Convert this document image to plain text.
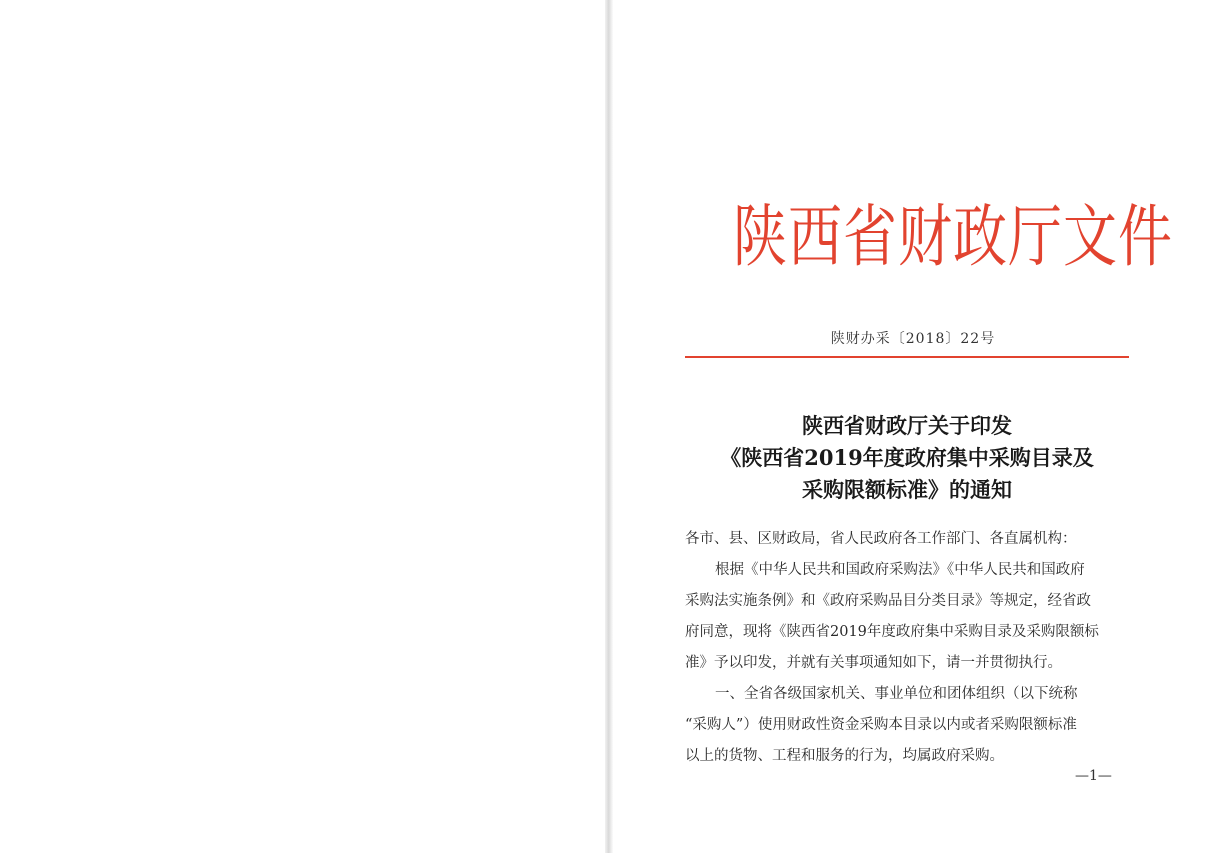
陕西省财政厅文件
陕财办采〔2018〕22号
陕西省财政厅关于印发
《陕西省2019年度政府集中采购目录及
采购限额标准》的通知
各市、县、区财政局，省人民政府各工作部门、各直属机构：
根据《中华人民共和国政府采购法》《中华人民共和国政府
采购法实施条例》和《政府采购品目分类目录》等规定，经省政
府同意，现将《陕西省2019年度政府集中采购目录及采购限额标
准》予以印发，并就有关事项通知如下，请一并贯彻执行。
一、全省各级国家机关、事业单位和团体组织（以下统称
“采购人”）使用财政性资金采购本目录以内或者采购限额标准
以上的货物、工程和服务的行为，均属政府采购。
—1—
